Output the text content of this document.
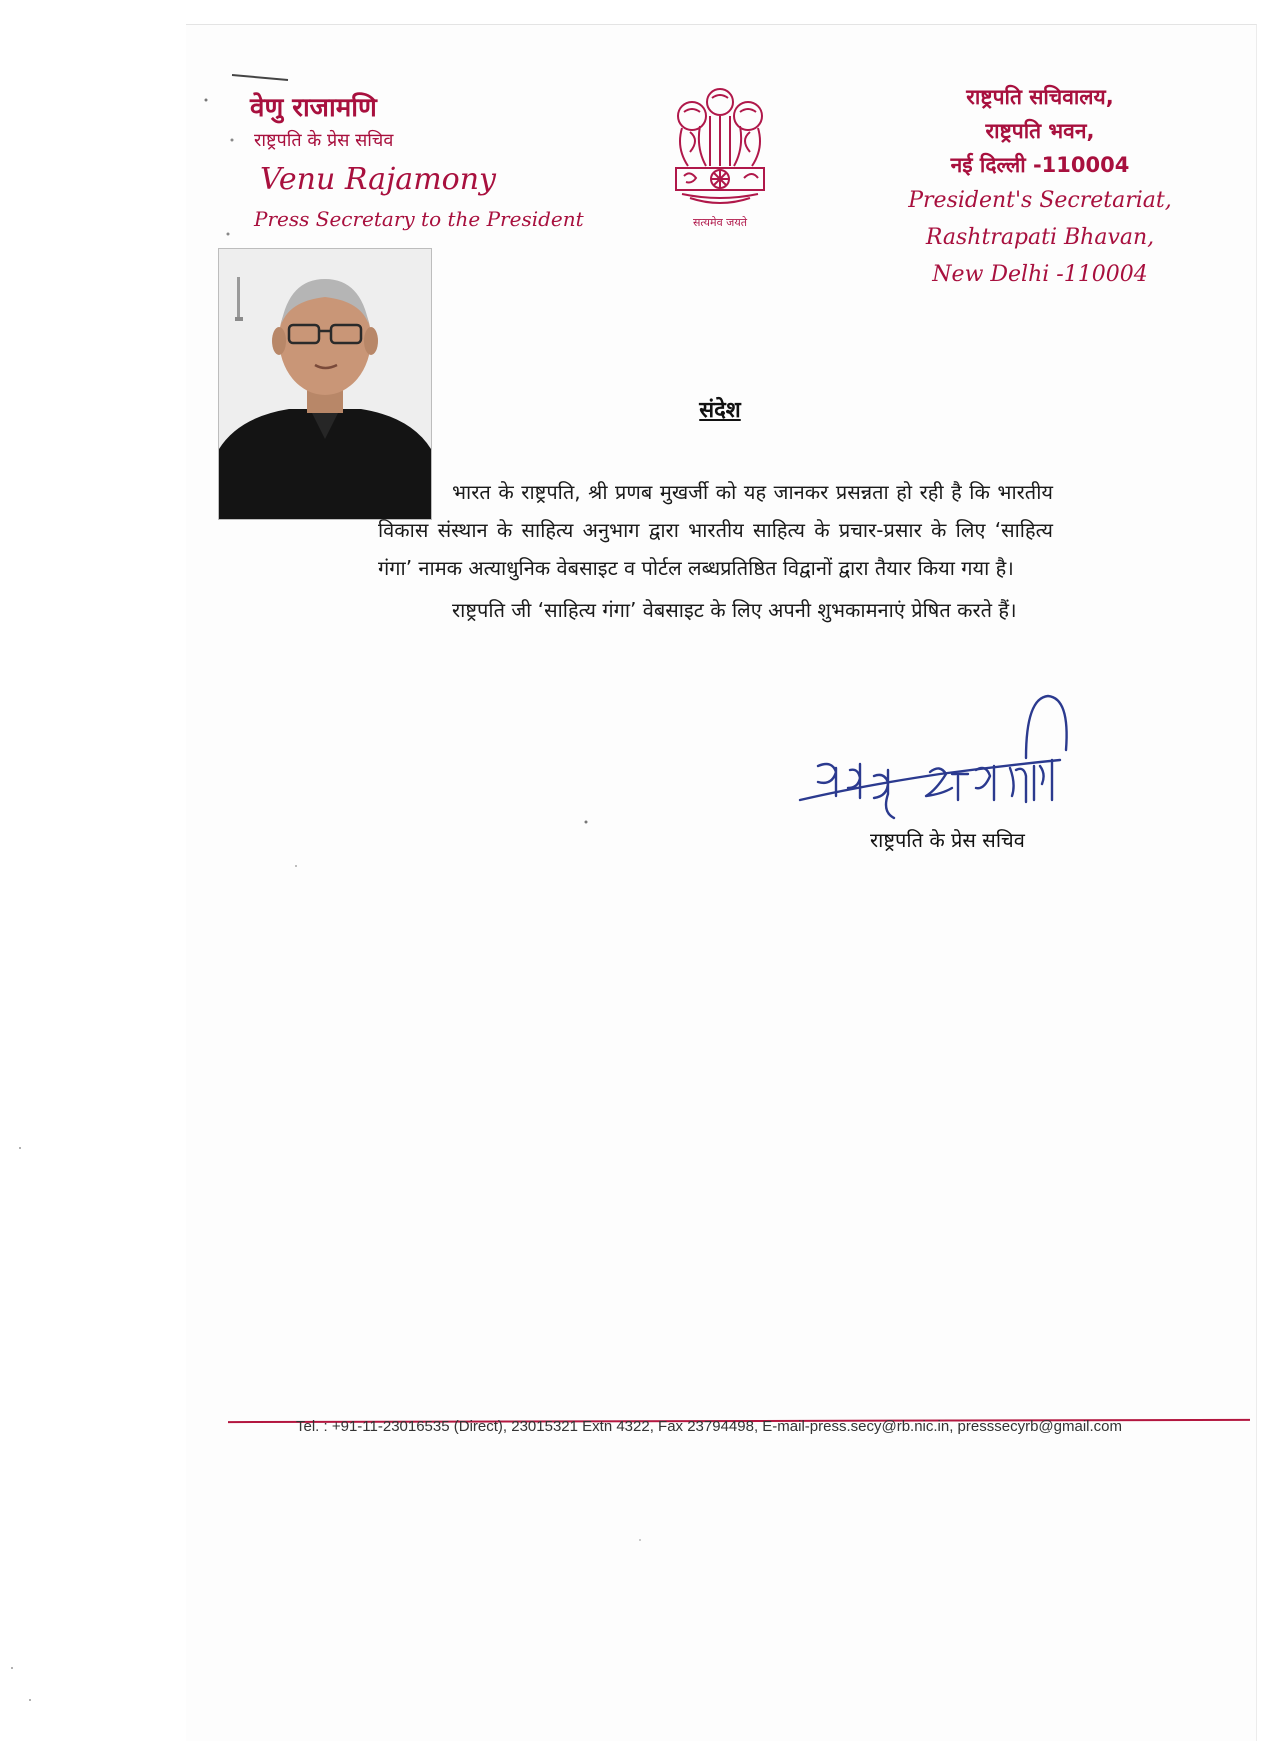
वेणु राजामणि
राष्ट्रपति के प्रेस सचिव
Venu Rajamony
Press Secretary to the President	सत्यमेव जयते
राष्ट्रपति सचिवालय,
राष्ट्रपति भवन,
नई दिल्ली -110004
President's Secretariat,
Rashtrapati Bhavan,
New Delhi -110004
संदेश

भारत के राष्ट्रपति, श्री प्रणब मुखर्जी को यह जानकर प्रसन्नता हो रही है कि भारतीय विकास संस्थान के साहित्य अनुभाग द्वारा भारतीय साहित्य के प्रचार-प्रसार के लिए ‘साहित्य गंगा’ नामक अत्याधुनिक वेबसाइट व पोर्टल लब्धप्रतिष्ठित विद्वानों द्वारा तैयार किया गया है।

राष्ट्रपति जी ‘साहित्य गंगा’ वेबसाइट के लिए अपनी शुभकामनाएं प्रेषित करते हैं।

राष्ट्रपति के प्रेस सचिव
Tel. : +91-11-23016535 (Direct), 23015321 Extn 4322, Fax 23794498, E-mail-press.secy@rb.nic.in, presssecyrb@gmail.com
